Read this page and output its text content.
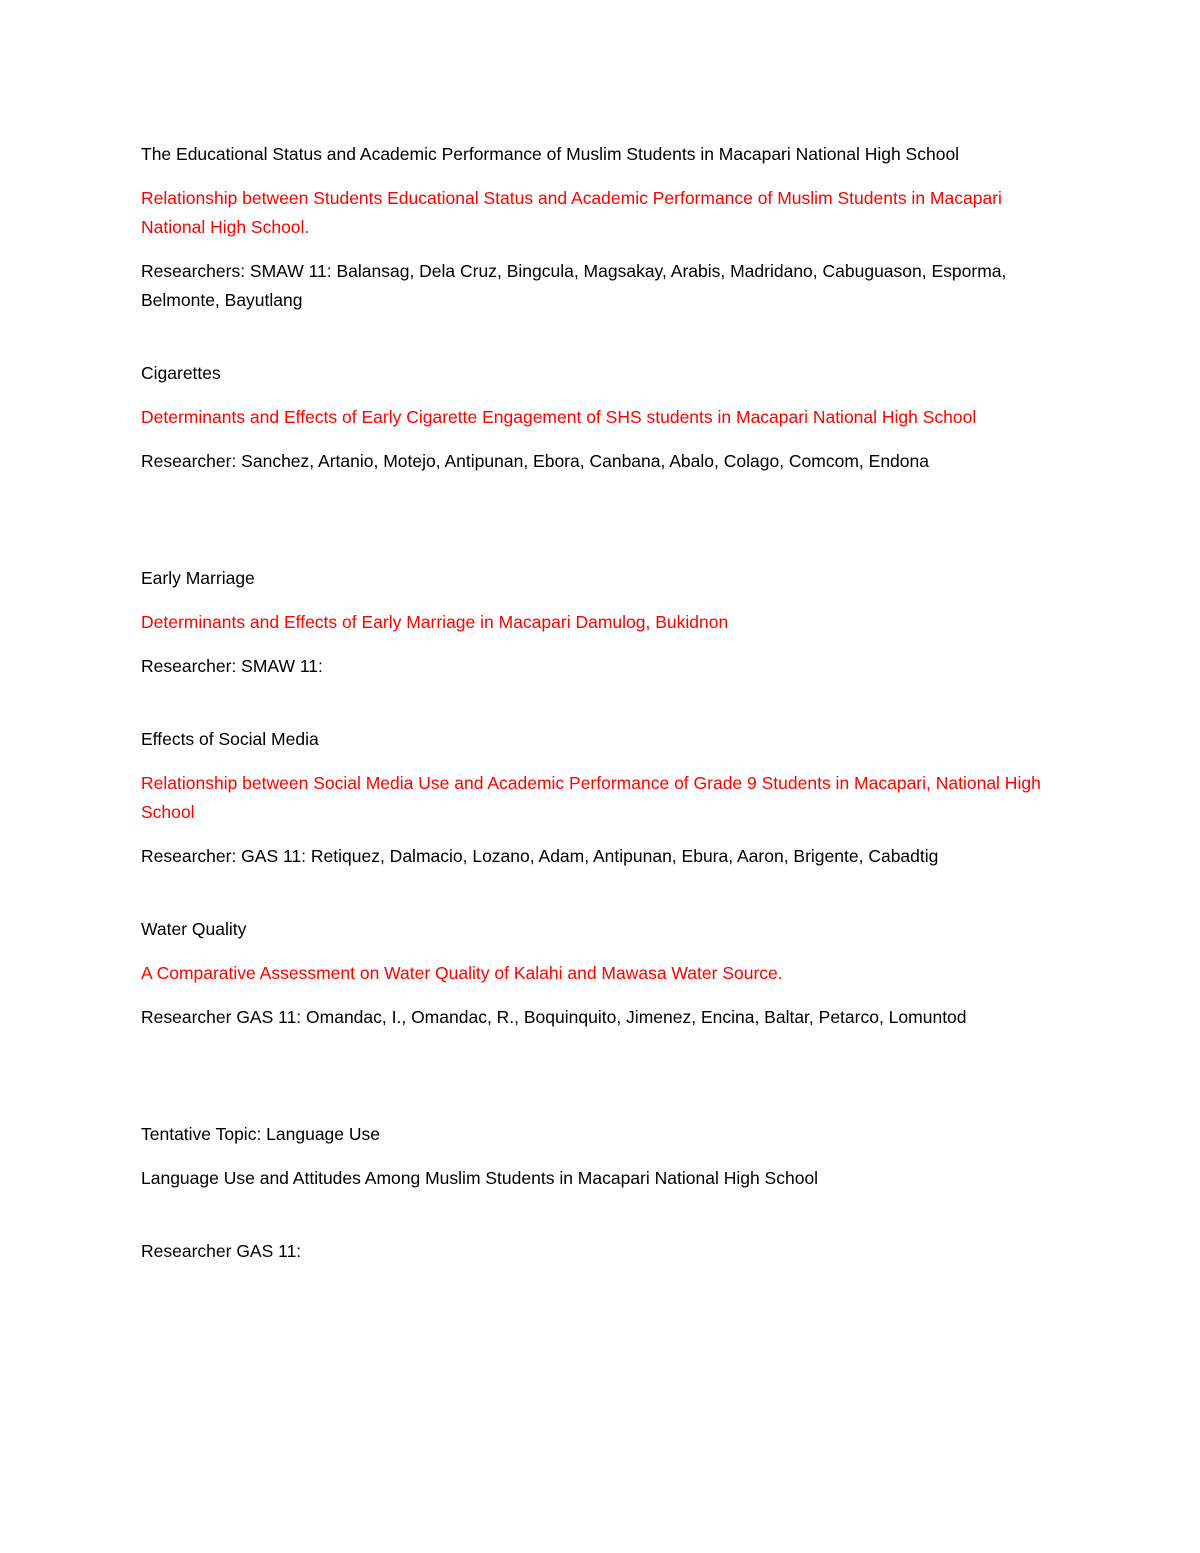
The Educational Status and Academic Performance of Muslim Students in Macapari National High School

Relationship between Students Educational Status and Academic Performance of Muslim Students in Macapari National High School.

Researchers: SMAW 11: Balansag, Dela Cruz, Bingcula, Magsakay, Arabis, Madridano, Cabuguason, Esporma, Belmonte, Bayutlang

Cigarettes

Determinants and Effects of Early Cigarette Engagement of SHS students in Macapari National High School

Researcher: Sanchez, Artanio, Motejo, Antipunan, Ebora, Canbana, Abalo, Colago, Comcom, Endona

Early Marriage

Determinants and Effects of Early Marriage in Macapari Damulog, Bukidnon

Researcher: SMAW 11:

Effects of Social Media

Relationship between Social Media Use and Academic Performance of Grade 9 Students in Macapari, National High School

Researcher: GAS 11: Retiquez, Dalmacio, Lozano, Adam, Antipunan, Ebura, Aaron, Brigente, Cabadtig

Water Quality

A Comparative Assessment on Water Quality of Kalahi and Mawasa Water Source.

Researcher GAS 11: Omandac, I., Omandac, R., Boquinquito, Jimenez, Encina, Baltar, Petarco, Lomuntod

Tentative Topic: Language Use

Language Use and Attitudes Among Muslim Students in Macapari National High School

Researcher GAS 11:
